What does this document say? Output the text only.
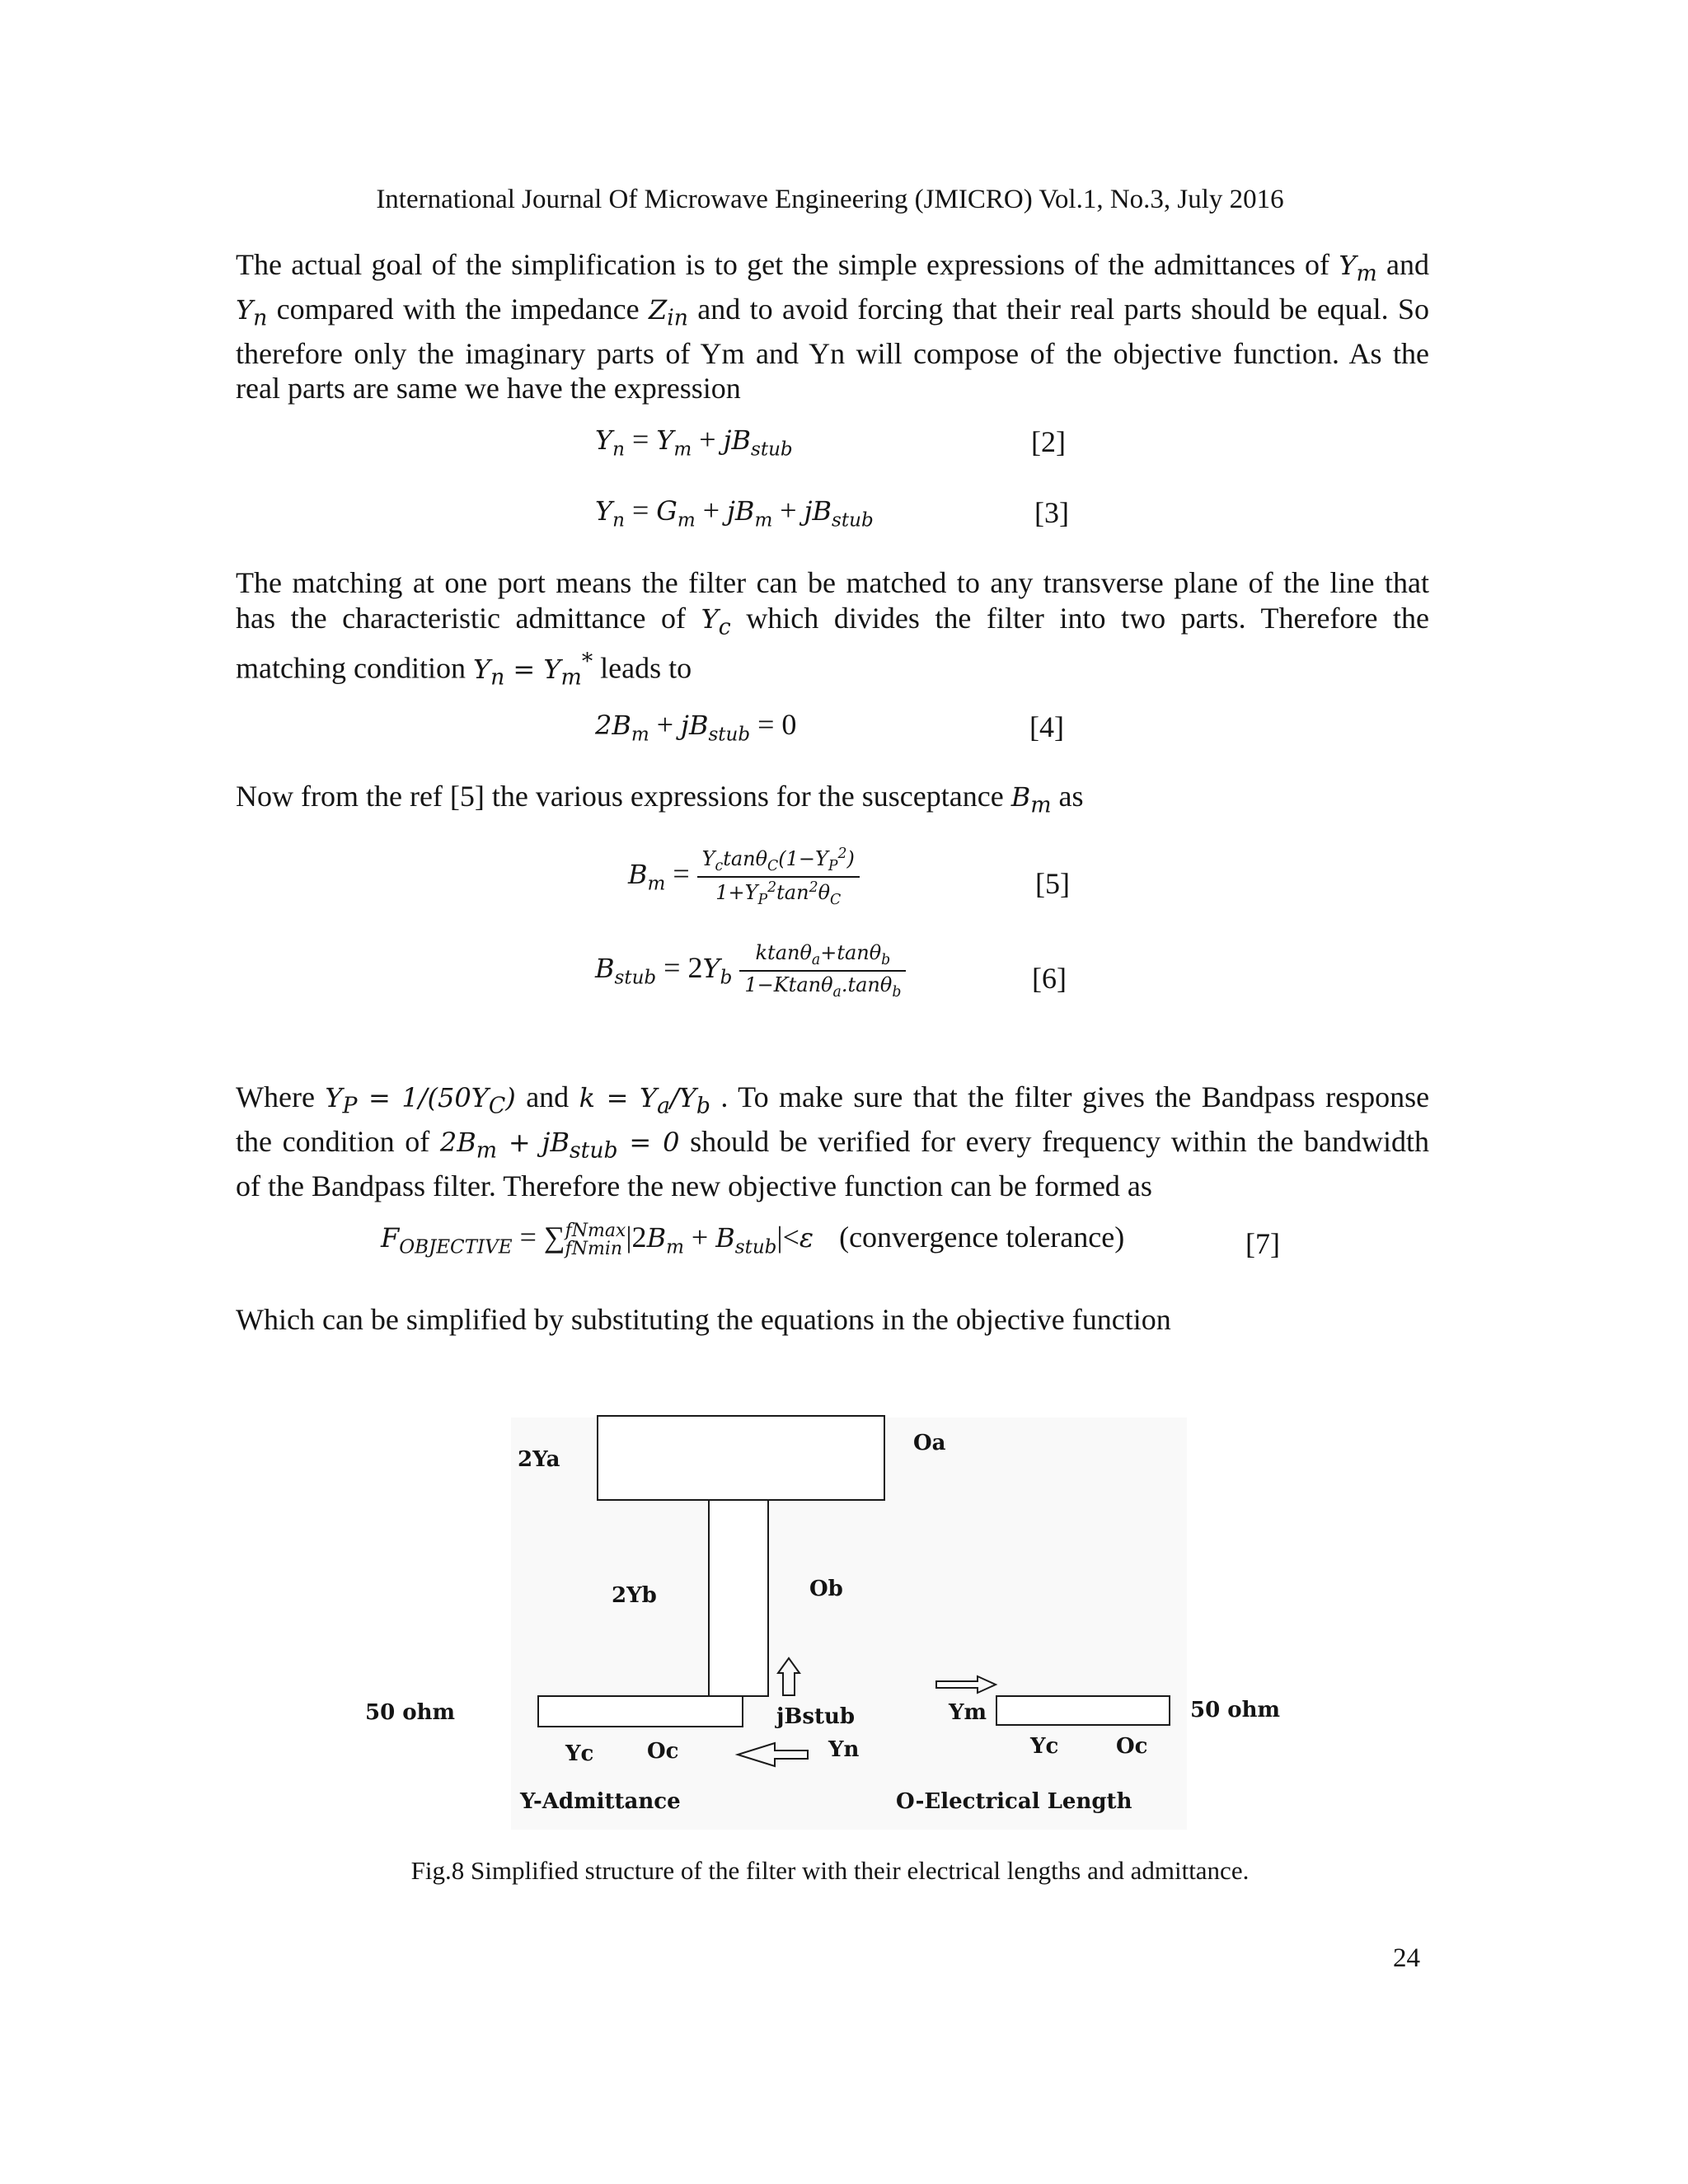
International Journal Of Microwave Engineering (JMICRO) Vol.1, No.3, July 2016
The actual goal of the simplification is to get the simple expressions of the admittances of $Y_m$ and
$Y_n$ compared with the impedance $Z_{in}$ and to avoid forcing that their real parts should be equal. So
therefore only the imaginary parts of Ym and Yn will compose of the objective function. As the
real parts are same we have the expression
$Y_n = Y_m + jB_{stub}$	[2]
$Y_n = G_m + jB_m + jB_{stub}$	[3]
The matching at one port means the filter can be matched to any transverse plane of the line that
has the characteristic admittance of $Y_c$ which divides the filter into two parts. Therefore the
matching condition $Y_n = Y_m^*$ leads to
$2B_m + jB_{stub} = 0$	[4]
Now from the ref [5] the various expressions for the susceptance $B_m$ as
$B_m = \frac{Y_c\tan\theta_C(1-Y_P^2)}{1+Y_P^2\tan^2\theta_C}$	[5]
$B_{stub} = 2Y_b \frac{ktan\theta_a+\tan\theta_b}{1-Ktan\theta_a.\tan\theta_b}$	[6]
Where $Y_P = 1/(50Y_C)$ and $k = Y_a/Y_b$ . To make sure that the filter gives the Bandpass response
the condition of $2B_m + jB_{stub} = 0$ should be verified for every frequency within the bandwidth
of the Bandpass filter. Therefore the new objective function can be formed as
$F_{OBJECTIVE}$ = ∑ fNmax
fNmin $|2B_m + B_{stub}|<\varepsilon$ (convergence tolerance)	[7]
Which can be simplified by substituting the equations in the objective function
2Ya
Oa
2Yb	Ob
50 ohm	jBstub	Ym	50 ohm
Yc Oc	Yn	Yc	Oc
Y-Admittance	O-Electrical Length
Fig.8 Simplified structure of the filter with their electrical lengths and admittance.
24
